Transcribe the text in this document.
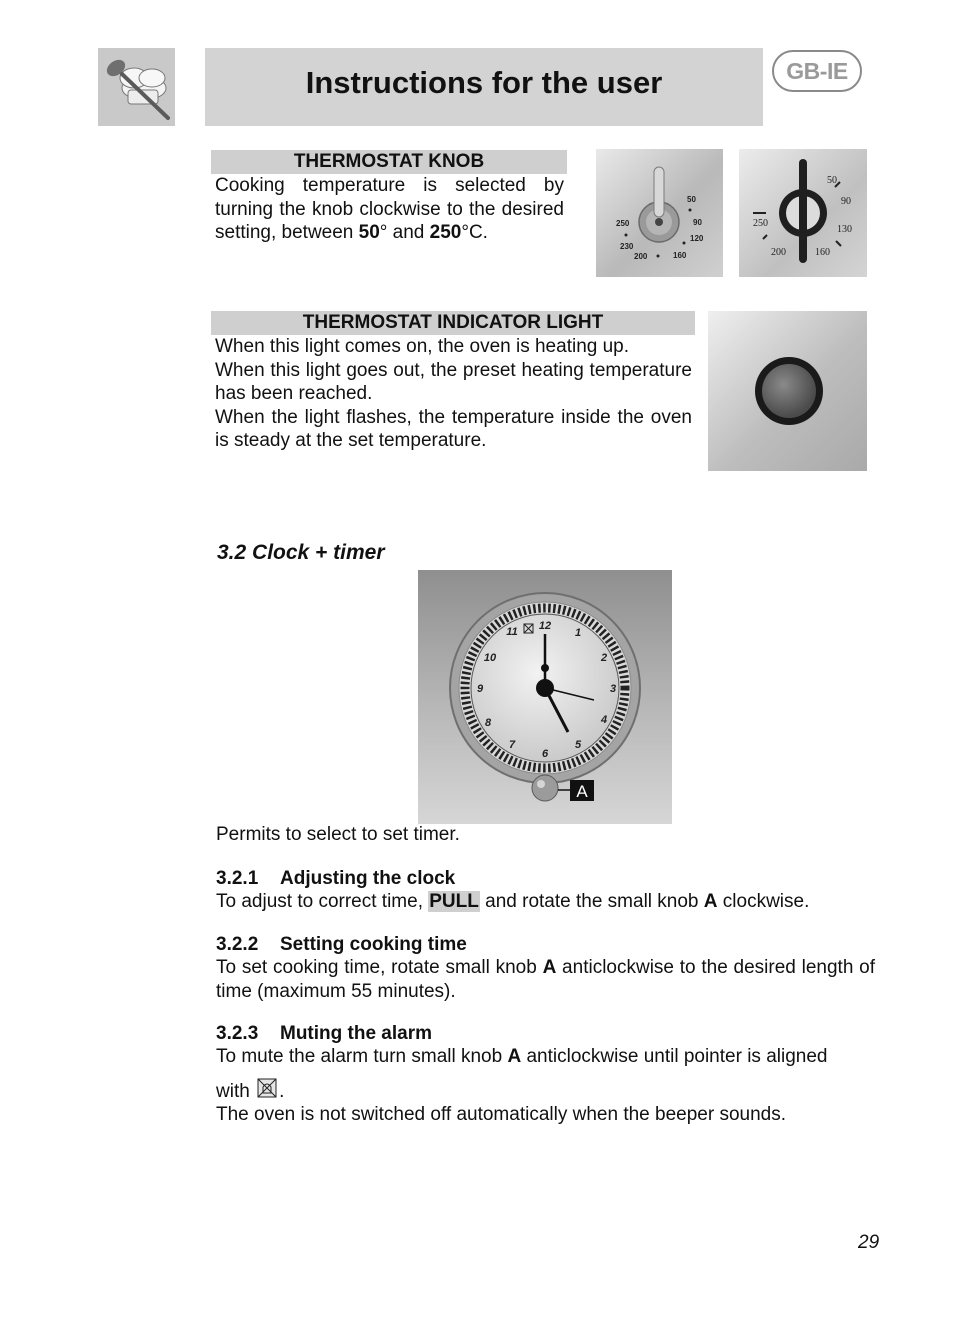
Instructions for the user	GB-IE
THERMOSTAT KNOB

Cooking temperature is selected by turning the knob clockwise to the desired setting, between 50° and 250°C.	250
230
200	160
120
90
50
50
90
130
160
200
250
THERMOSTAT INDICATOR LIGHT

When this light comes on, the oven is heating up.

When this light goes out, the preset heating temperature has been reached.

When the light flashes, the temperature inside the oven is steady at the set temperature.

3.2 Clock + timer
12
1
2
3
4
5
6
7
8
9
10
11
A

Permits to select to set timer.

3.2.1 Adjusting the clock

To adjust to correct time, PULL and rotate the small knob A clockwise.

3.2.2 Setting cooking time

To set cooking time, rotate small knob A anticlockwise to the desired length of time (maximum 55 minutes).

3.2.3 Muting the alarm

To mute the alarm turn small knob A anticlockwise until pointer is aligned

with .

The oven is not switched off automatically when the beeper sounds.

29
